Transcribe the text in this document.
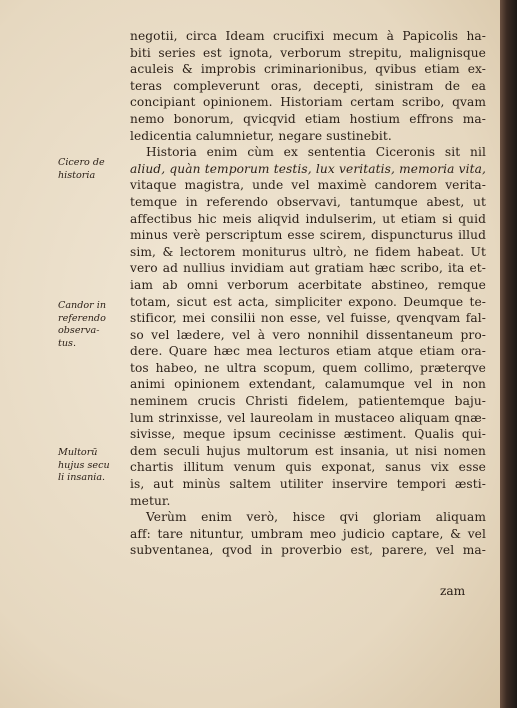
negotii, circa Ideam crucifixi mecum à Papicolis ha-
biti series est ignota, verborum strepitu, malignisque
aculeis & improbis criminarionibus, qvibus etiam ex-
teras compleverunt oras, decepti, sinistram de ea
concipiant opinionem. Historiam certam scribo, qvam
nemo bonorum, qvicqvid etiam hostium effrons ma-
ledicentia calumnietur, negare sustinebit.
Historia enim cùm ex sententia Ciceronis sit nil
aliud, quàn temporum testis, lux veritatis, memoria vita,
vitaque magistra, unde vel maximè candorem verita-
temque in referendo observavi, tantumque abest, ut
affectibus hic meis aliqvid indulserim, ut etiam si quid
minus verè perscriptum esse scirem, dispuncturus illud
sim, & lectorem moniturus ultrò, ne fidem habeat. Ut
vero ad nullius invidiam aut gratiam hæc scribo, ita et-
iam ab omni verborum acerbitate abstineo, remque
totam, sicut est acta, simpliciter expono. Deumque te-
stificor, mei consilii non esse, vel fuisse, qvenqvam fal-
so vel lædere, vel à vero nonnihil dissentaneum pro-
dere. Quare hæc mea lecturos etiam atque etiam ora-
tos habeo, ne ultra scopum, quem collimo, præterqve
animi opinionem extendant, calamumque vel in non
neminem crucis Christi fidelem, patientemque baju-
lum strinxisse, vel laureolam in mustaceo aliquam qnæ-
sivisse, meque ipsum cecinisse æstiment. Qualis qui-
dem seculi hujus multorum est insania, ut nisi nomen
chartis illitum venum quis exponat, sanus vix esse
is, aut minùs saltem utiliter inservire tempori æsti-
metur.
Verùm enim verò, hisce qvi gloriam aliquam
aff: tare nituntur, umbram meo judicio captare, & vel
subventanea, qvod in proverbio est, parere, vel ma-
zam
Cicero de
historia
Candor in
referendo
observa-
tus.
Multorū
hujus secu
li insania.
